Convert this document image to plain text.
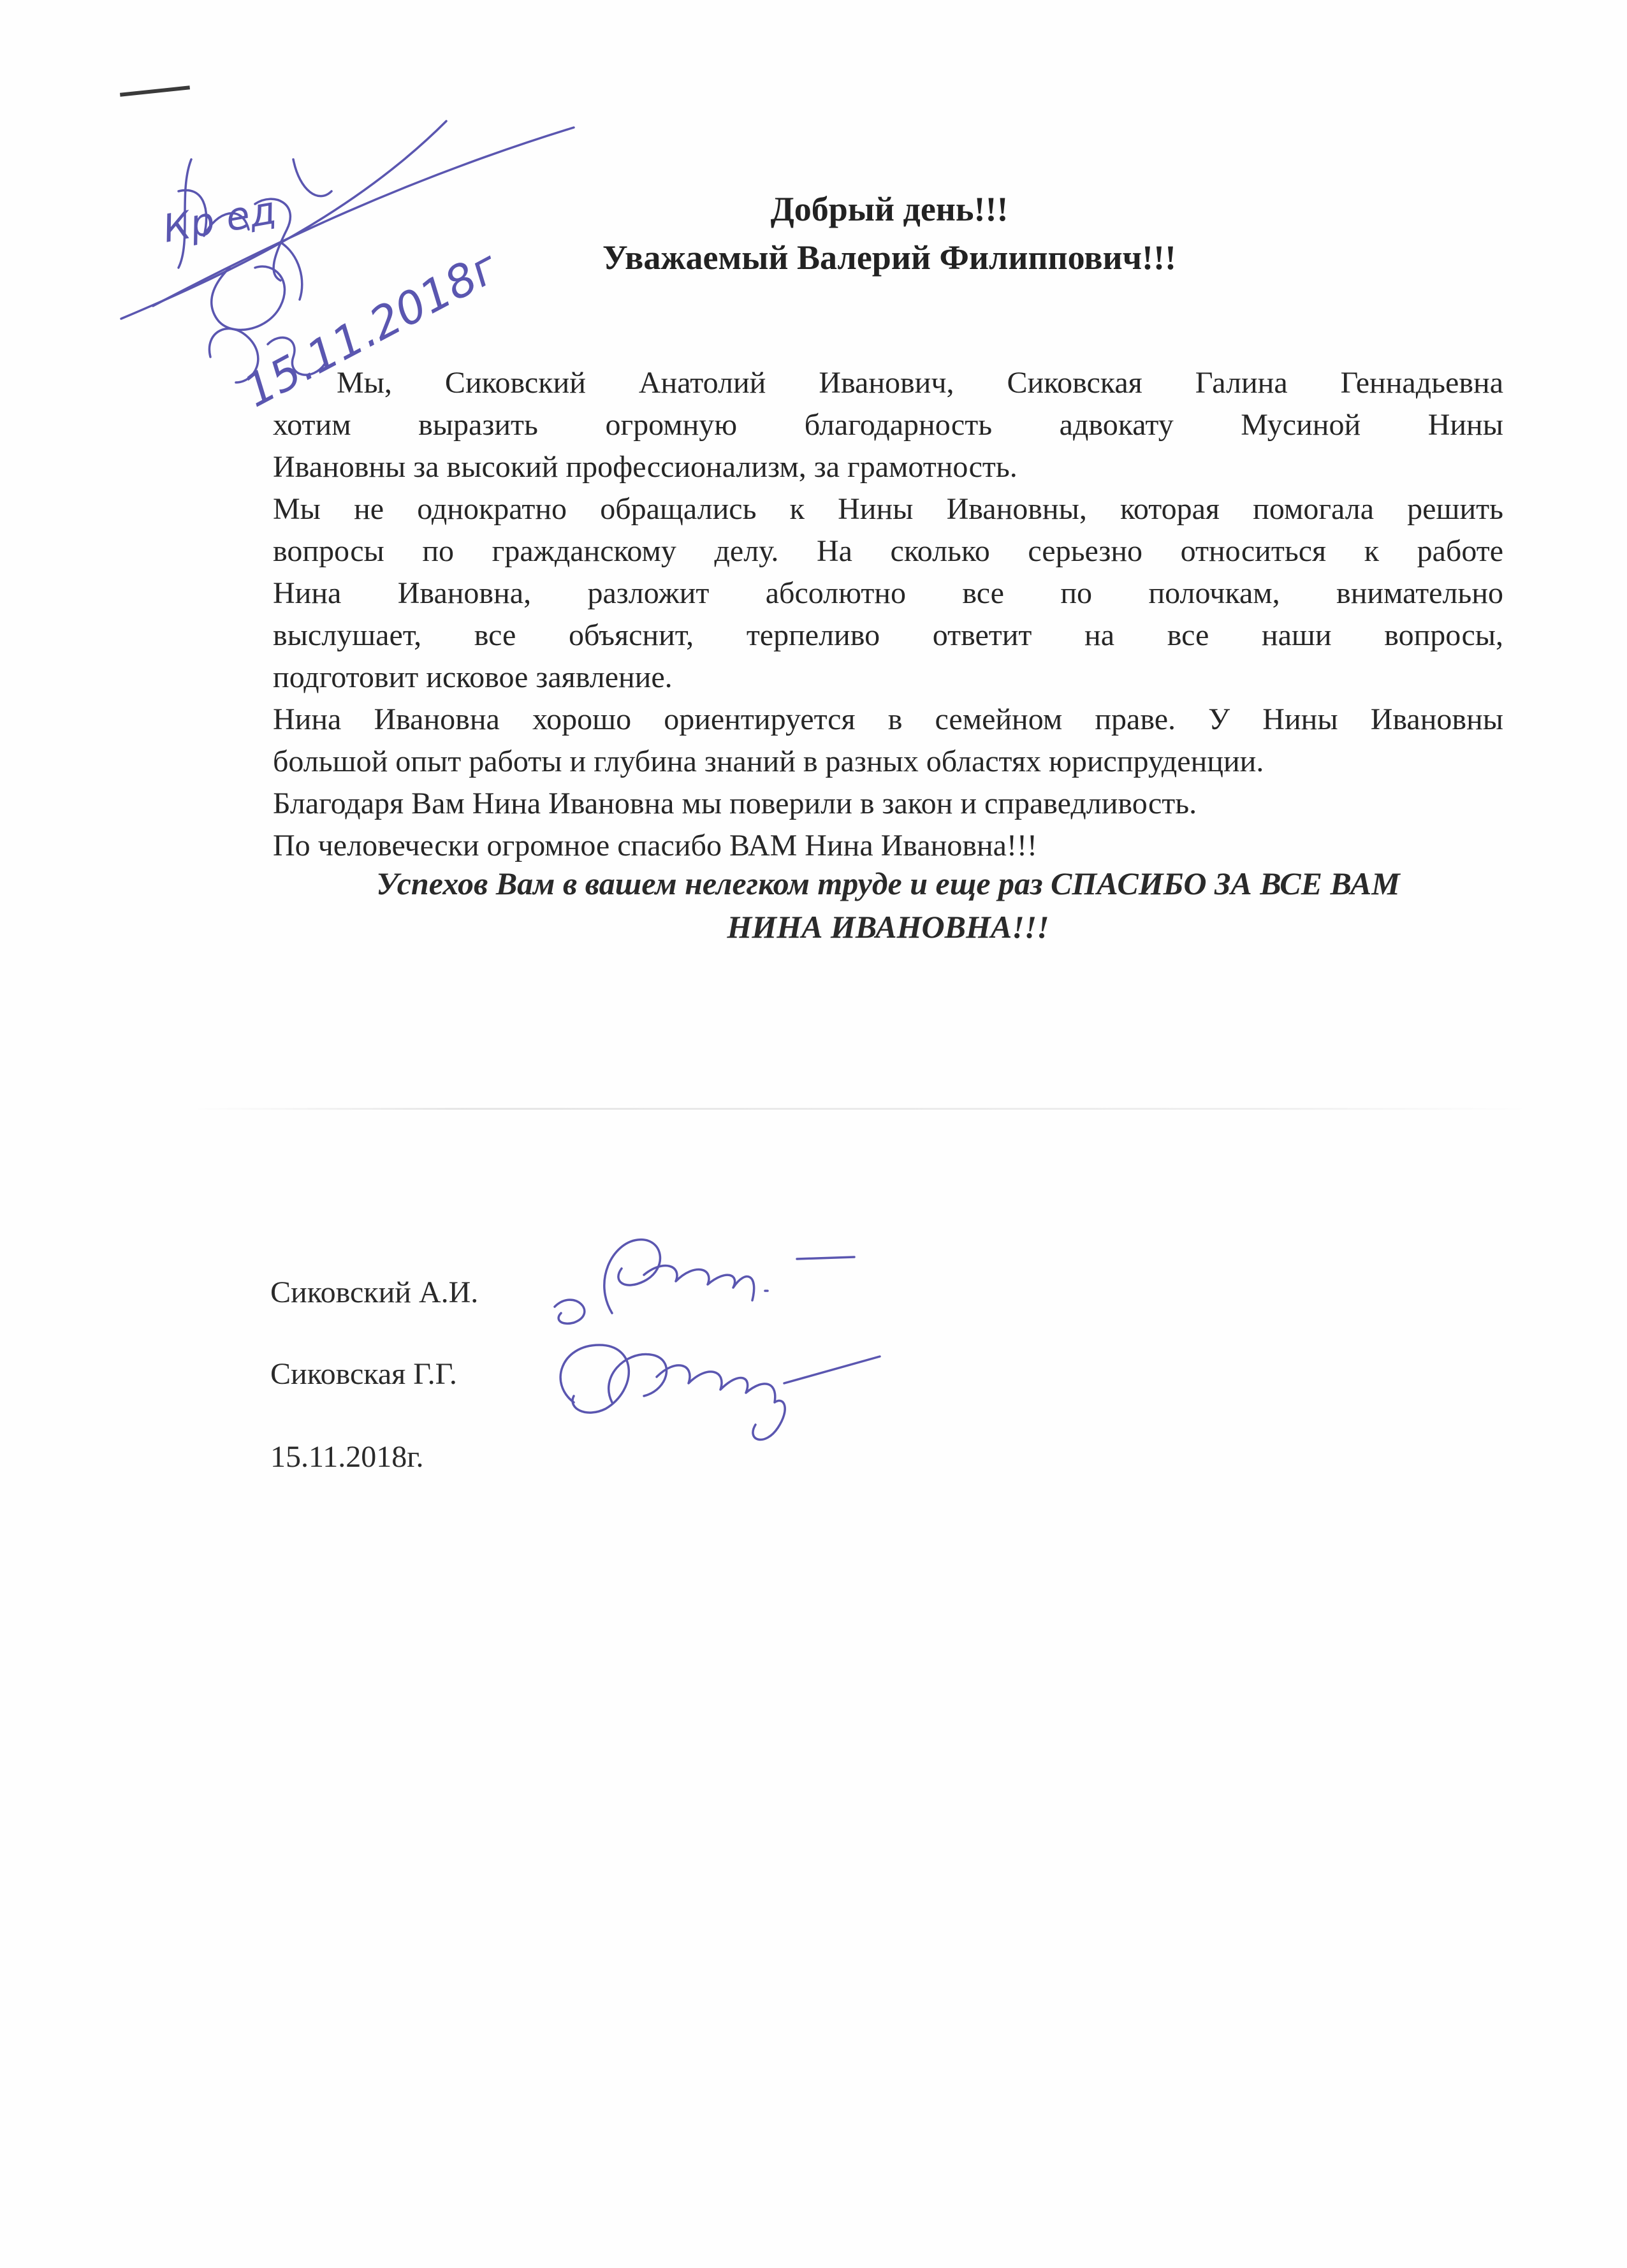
Добрый день!!!
Уважаемый Валерий Филиппович!!!

Мы, Сиковский Анатолий Иванович, Сиковская Галина Геннадьевна
хотим выразить огромную благодарность адвокату Мусиной Нины
Ивановны за высокий профессионализм, за грамотность.

Мы не однократно обращались к Нины Ивановны, которая помогала решить
вопросы по гражданскому делу. На сколько серьезно относиться к работе
Нина Ивановна, разложит абсолютно все по полочкам, внимательно
выслушает, все объяснит, терпеливо ответит на все наши вопросы,
подготовит исковое заявление.

Нина Ивановна хорошо ориентируется в семейном праве. У Нины Ивановны
большой опыт работы и глубина знаний в разных областях юриспруденции.

Благодаря Вам Нина Ивановна мы поверили в закон и справедливость.

По человечески огромное спасибо ВАМ Нина Ивановна!!!

Успехов Вам в вашем нелегком труде и еще раз СПАСИБО ЗА ВСЕ ВАМ
НИНА ИВАНОВНА!!!
Сиковский А.И.
Сиковская Г.Г.
15.11.2018г.
15.11.2018г
Кр ед
